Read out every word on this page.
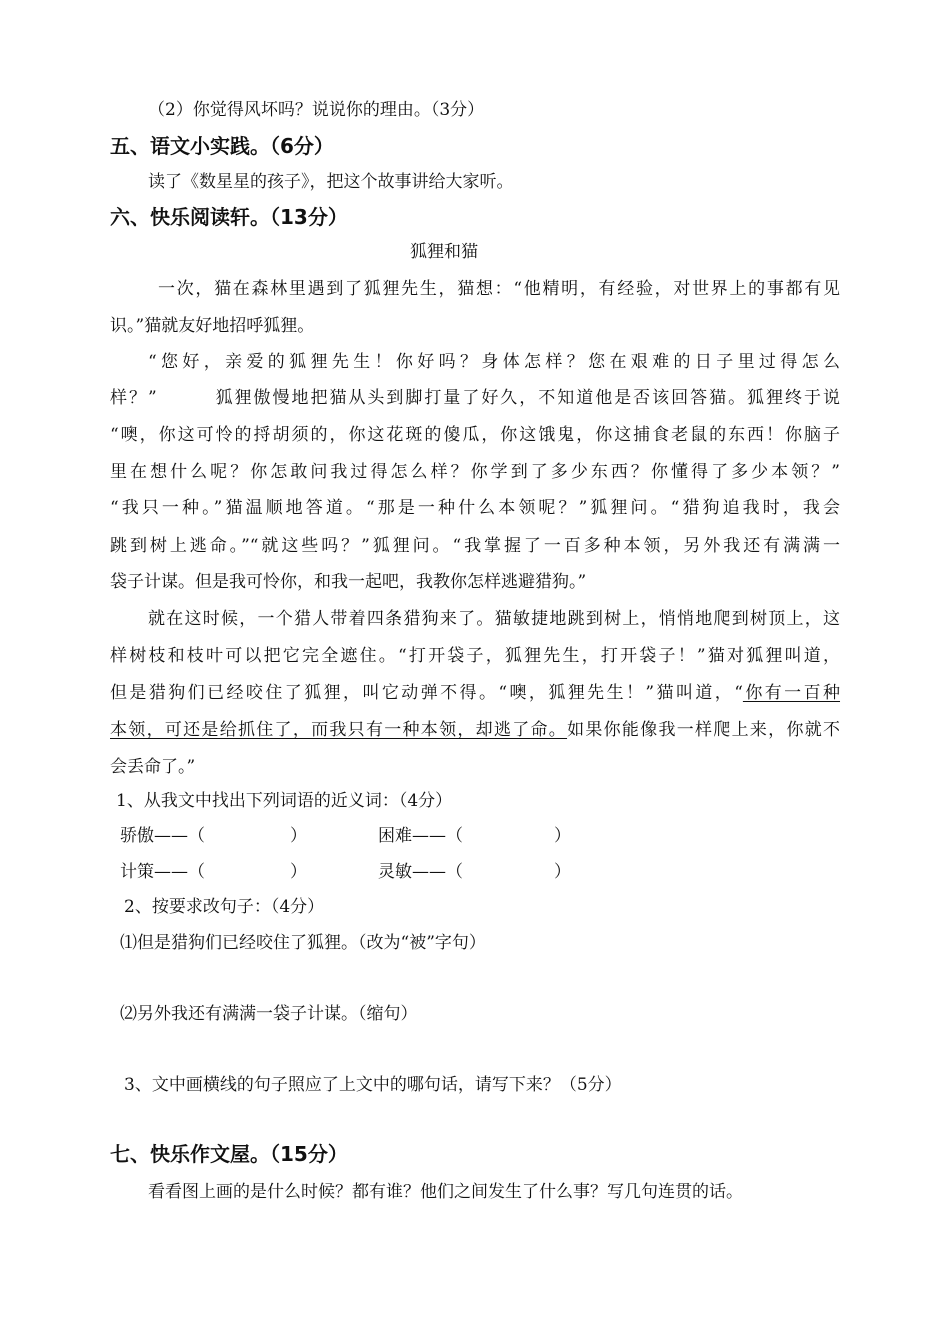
（2）你觉得风坏吗？说说你的理由。（3分）
五、语文小实践。（6分）
读了《数星星的孩子》，把这个故事讲给大家听。
六、快乐阅读轩。（13分）
狐狸和猫
一次，猫在森林里遇到了狐狸先生，猫想：“他精明，有经验，对世界上的事都有见
识。”猫就友好地招呼狐狸。
“您好，亲爱的狐狸先生！你好吗？身体怎样？您在艰难的日子里过得怎么
样？”　　　狐狸傲慢地把猫从头到脚打量了好久，不知道他是否该回答猫。狐狸终于说
“噢，你这可怜的捋胡须的，你这花斑的傻瓜，你这饿鬼，你这捕食老鼠的东西！你脑子
里在想什么呢？你怎敢问我过得怎么样？你学到了多少东西？你懂得了多少本领？”
“我只一种。”猫温顺地答道。“那是一种什么本领呢？”狐狸问。“猎狗追我时，我会
跳到树上逃命。”“就这些吗？”狐狸问。“我掌握了一百多种本领，另外我还有满满一
袋子计谋。但是我可怜你，和我一起吧，我教你怎样逃避猎狗。”
就在这时候，一个猎人带着四条猎狗来了。猫敏捷地跳到树上，悄悄地爬到树顶上，这
样树枝和枝叶可以把它完全遮住。“打开袋子，狐狸先生，打开袋子！”猫对狐狸叫道，
但是猎狗们已经咬住了狐狸，叫它动弹不得。“噢，狐狸先生！”猫叫道，“你有一百种
本领，可还是给抓住了，而我只有一种本领，却逃了命。如果你能像我一样爬上来，你就不
会丢命了。”
1、从我文中找出下列词语的近义词：（4分）
骄傲——（	）	困难——（	）
计策——（	）	灵敏——（	）
2、按要求改句子：（4分）
⑴但是猎狗们已经咬住了狐狸。（改为“被”字句）
⑵另外我还有满满一袋子计谋。（缩句）
3、文中画横线的句子照应了上文中的哪句话，请写下来？（5分）
七、快乐作文屋。（15分）
看看图上画的是什么时候？都有谁？他们之间发生了什么事？写几句连贯的话。
